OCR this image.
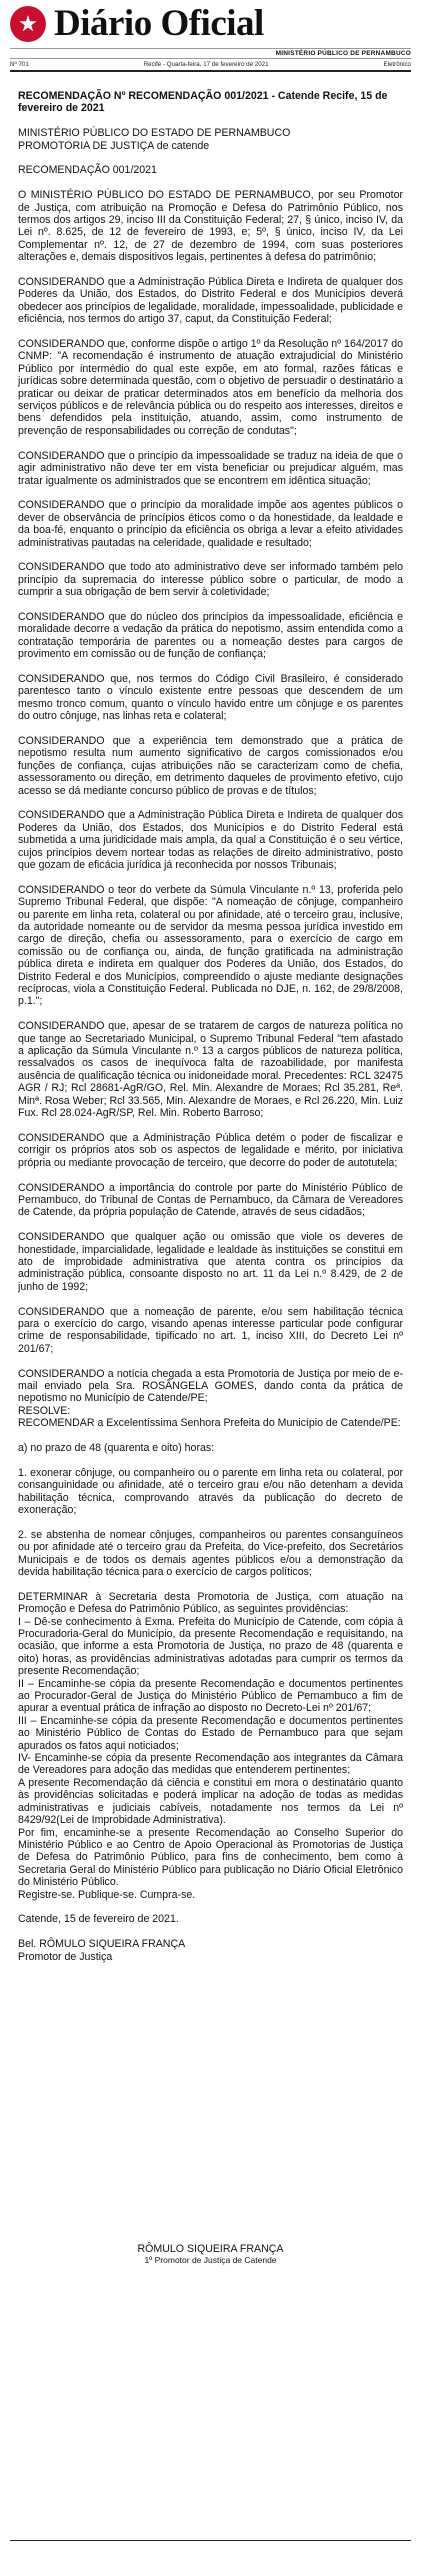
Diário Oficial
MINISTÉRIO PÚBLICO DE PERNAMBUCO
Nº 701	Recife - Quarta-feira, 17 de fevereiro de 2021	Eletrônico

RECOMENDAÇÃO Nº RECOMENDAÇÃO 001/2021 - Catende Recife, 15 de fevereiro de 2021

MINISTÉRIO PÚBLICO DO ESTADO DE PERNAMBUCO

PROMOTORIA DE JUSTIÇA de catende

RECOMENDAÇÃO 001/2021

O MINISTÉRIO PÚBLICO DO ESTADO DE PERNAMBUCO, por seu Promotor de Justiça, com atribuição na Promoção e Defesa do Patrimônio Público, nos termos dos artigos 29, inciso III da Constituição Federal; 27, § único, inciso IV, da Lei nº. 8.625, de 12 de fevereiro de 1993, e; 5º, § único, inciso IV, da Lei Complementar nº. 12, de 27 de dezembro de 1994, com suas posteriores alterações e, demais dispositivos legais, pertinentes à defesa do patrimônio;

CONSIDERANDO que a Administração Pública Direta e Indireta de qualquer dos Poderes da União, dos Estados, do Distrito Federal e dos Municípios deverá obedecer aos princípios de legalidade, moralidade, impessoalidade, publicidade e eficiência, nos termos do artigo 37, caput, da Constituição Federal;

CONSIDERANDO que, conforme dispõe o artigo 1º da Resolução nº 164/2017 do CNMP: "A recomendação é instrumento de atuação extrajudicial do Ministério Público por intermédio do qual este expõe, em ato formal, razões fáticas e jurídicas sobre determinada questão, com o objetivo de persuadir o destinatário a praticar ou deixar de praticar determinados atos em benefício da melhoria dos serviços públicos e de relevância pública ou do respeito aos interesses, direitos e bens defendidos pela instituição, atuando, assim, como instrumento de prevenção de responsabilidades ou correção de condutas";

CONSIDERANDO que o princípio da impessoalidade se traduz na ideia de que o agir administrativo não deve ter em vista beneficiar ou prejudicar alguém, mas tratar igualmente os administrados que se encontrem em idêntica situação;

CONSIDERANDO que o princípio da moralidade impõe aos agentes públicos o dever de observância de princípios éticos como o da honestidade, da lealdade e da boa-fé, enquanto o princípio da eficiência os obriga a levar a efeito atividades administrativas pautadas na celeridade, qualidade e resultado;

CONSIDERANDO que todo ato administrativo deve ser informado também pelo princípio da supremacia do interesse público sobre o particular, de modo a cumprir a sua obrigação de bem servir à coletividade;

CONSIDERANDO que do núcleo dos princípios da impessoalidade, eficiência e moralidade decorre a vedação da prática do nepotismo, assim entendida como a contratação temporária de parentes ou a nomeação destes para cargos de provimento em comissão ou de função de confiança;

CONSIDERANDO que, nos termos do Código Civil Brasileiro, é considerado parentesco tanto o vínculo existente entre pessoas que descendem de um mesmo tronco comum, quanto o vínculo havido entre um cônjuge e os parentes do outro cônjuge, nas linhas reta e colateral;

CONSIDERANDO que a experiência tem demonstrado que a prática de nepotismo resulta num aumento significativo de cargos comissionados e/ou funções de confiança, cujas atribuições não se caracterizam como de chefia, assessoramento ou direção, em detrimento daqueles de provimento efetivo, cujo acesso se dá mediante concurso público de provas e de títulos;

CONSIDERANDO que a Administração Pública Direta e Indireta de qualquer dos Poderes da União, dos Estados, dos Municípios e do Distrito Federal está submetida a uma juridicidade mais ampla, da qual a Constituição é o seu vértice, cujos princípios devem nortear todas as relações de direito administrativo, posto que gozam de eficácia jurídica já reconhecida por nossos Tribunais;

CONSIDERANDO o teor do verbete da Súmula Vinculante n.º 13, proferida pelo Supremo Tribunal Federal, que dispõe: "A nomeação de cônjuge, companheiro ou parente em linha reta, colateral ou por afinidade, até o terceiro grau, inclusive, da autoridade nomeante ou de servidor da mesma pessoa jurídica investido em cargo de direção, chefia ou assessoramento, para o exercício de cargo em comissão ou de confiança ou, ainda, de função gratificada na administração pública direta e indireta em qualquer dos Poderes da União, dos Estados, do Distrito Federal e dos Municípios, compreendido o ajuste mediante designações recíprocas, viola a Constituição Federal. Publicada no DJE, n. 162, de 29/8/2008, p.1.";

CONSIDERANDO que, apesar de se tratarem de cargos de natureza política no que tange ao Secretariado Municipal, o Supremo Tribunal Federal "tem afastado a aplicação da Súmula Vinculante n.º 13 a cargos públicos de natureza política, ressalvados os casos de inequívoca falta de razoabilidade, por manifesta ausência de qualificação técnica ou inidoneidade moral. Precedentes: RCL 32475 AGR / RJ; Rcl 28681-AgR/GO, Rel. Min. Alexandre de Moraes; Rcl 35.281, Reª. Minª. Rosa Weber; Rcl 33.565, Min. Alexandre de Moraes, e Rcl 26.220, Min. Luiz Fux. Rcl 28.024-AgR/SP, Rel. Min. Roberto Barroso;

CONSIDERANDO que a Administração Pública detém o poder de fiscalizar e corrigir os próprios atos sob os aspectos de legalidade e mérito, por iniciativa própria ou mediante provocação de terceiro, que decorre do poder de autotutela;

CONSIDERANDO a importância do controle por parte do Ministério Público de Pernambuco, do Tribunal de Contas de Pernambuco, da Câmara de Vereadores de Catende, da própria população de Catende, através de seus cidadãos;

CONSIDERANDO que qualquer ação ou omissão que viole os deveres de honestidade, imparcialidade, legalidade e lealdade às instituições se constitui em ato de improbidade administrativa que atenta contra os princípios da administração pública, consoante disposto no art. 11 da Lei n.º 8.429, de 2 de junho de 1992;

CONSIDERANDO que a nomeação de parente, e/ou sem habilitação técnica para o exercício do cargo, visando apenas interesse particular pode configurar crime de responsabilidade, tipificado no art. 1, inciso XIII, do Decreto Lei nº 201/67;

CONSIDERANDO a notícia chegada a esta Promotoria de Justiça por meio de e-mail enviado pela Sra. ROSÂNGELA GOMES, dando conta da prática de nepotismo no Município de Catende/PE;

RESOLVE:

RECOMENDAR a Excelentíssima Senhora Prefeita do Município de Catende/PE:

a) no prazo de 48 (quarenta e oito) horas:

1. exonerar cônjuge, ou companheiro ou o parente em linha reta ou colateral, por consanguinidade ou afinidade, até o terceiro grau e/ou não detenham a devida habilitação técnica, comprovando através da publicação do decreto de exoneração;

2. se abstenha de nomear cônjuges, companheiros ou parentes consanguíneos ou por afinidade até o terceiro grau da Prefeita, do Vice-prefeito, dos Secretários Municipais e de todos os demais agentes públicos e/ou a demonstração da devida habilitação técnica para o exercício de cargos políticos;

DETERMINAR à Secretaria desta Promotoria de Justiça, com atuação na Promoção e Defesa do Patrimônio Público, as seguintes providências:

I – Dê-se conhecimento à Exma. Prefeita do Município de Catende, com cópia à Procuradoria-Geral do Município, da presente Recomendação e requisitando, na ocasião, que informe a esta Promotoria de Justiça, no prazo de 48 (quarenta e oito) horas, as providências administrativas adotadas para cumprir os termos da presente Recomendação;

II – Encaminhe-se cópia da presente Recomendação e documentos pertinentes ao Procurador-Geral de Justiça do Ministério Público de Pernambuco a fim de apurar a eventual prática de infração ao disposto no Decreto-Lei nº 201/67;

III – Encaminhe-se cópia da presente Recomendação e documentos pertinentes ao Ministério Público de Contas do Estado de Pernambuco para que sejam apurados os fatos aqui noticiados;

IV- Encaminhe-se cópia da presente Recomendação aos integrantes da Câmara de Vereadores para adoção das medidas que entenderem pertinentes;

A presente Recomendação dá ciência e constitui em mora o destinatário quanto às providências solicitadas e poderá implicar na adoção de todas as medidas administrativas e judiciais cabíveis, notadamente nos termos da Lei nº 8429/92(Lei de Improbidade Administrativa).

Por fim, encaminhe-se a presente Recomendação ao Conselho Superior do Ministério Público e ao Centro de Apoio Operacional às Promotorias de Justiça de Defesa do Patrimônio Público, para fins de conhecimento, bem como à Secretaria Geral do Ministério Público para publicação no Diário Oficial Eletrônico do Ministério Público.

Registre-se. Publique-se. Cumpra-se.

Catende, 15 de fevereiro de 2021.

Bel. RÔMULO SIQUEIRA FRANÇA

Promotor de Justiça

RÔMULO SIQUEIRA FRANÇA

1º Promotor de Justiça de Catende
